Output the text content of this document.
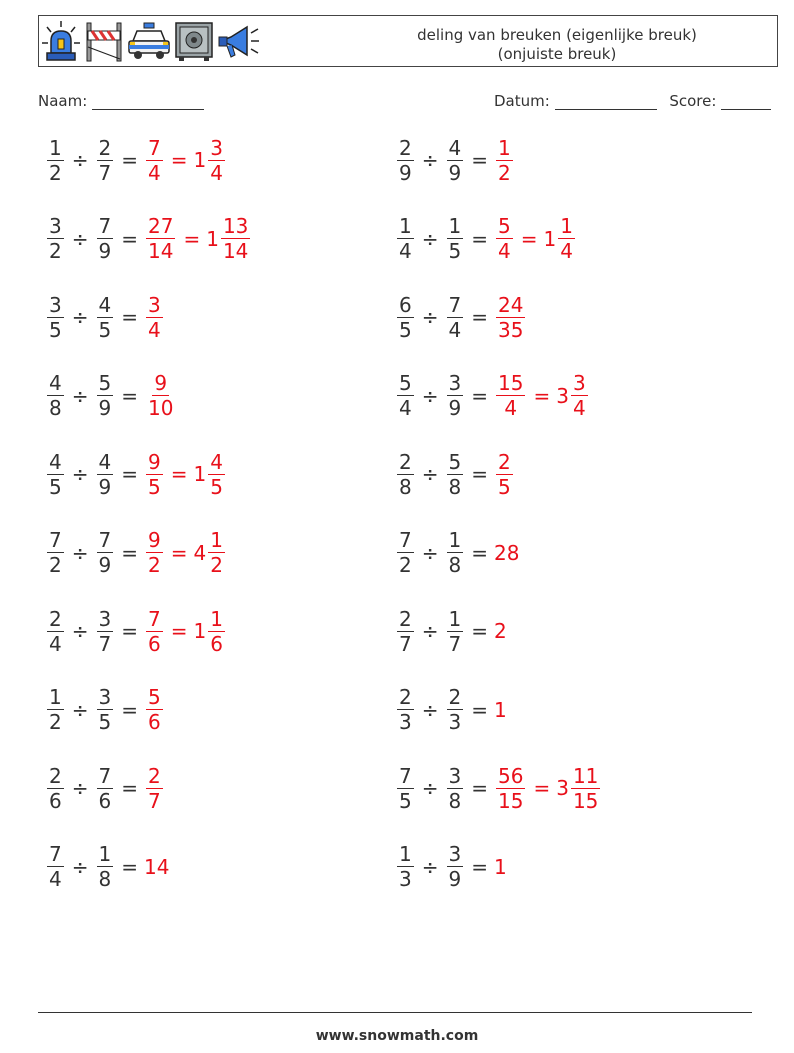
deling van breuken (eigenlijke breuk)
(onjuiste breuk)
Naam:	Datum:	Score:
$\frac{1}{2} \div \frac{2}{7} = \frac{7}{4} = 1 \frac{3}{4}$	$\frac{2}{9} \div \frac{4}{9} = \frac{1}{2}$
$\frac{3}{2} \div \frac{7}{9} = \frac{27}{14} = 1 \frac{13}{14}$	$\frac{1}{4} \div \frac{1}{5} = \frac{5}{4} = 1 \frac{1}{4}$
$\frac{3}{5} \div \frac{4}{5} = \frac{3}{4}$	$\frac{6}{5} \div \frac{7}{4} = \frac{24}{35}$
$\frac{4}{8} \div \frac{5}{9} = \frac{9}{10}$	$\frac{5}{4} \div \frac{3}{9} = \frac{15}{4} = 3 \frac{3}{4}$
$\frac{4}{5} \div \frac{4}{9} = \frac{9}{5} = 1 \frac{4}{5}$	$\frac{2}{8} \div \frac{5}{8} = \frac{2}{5}$
$\frac{7}{2} \div \frac{7}{9} = \frac{9}{2} = 4 \frac{1}{2}$	$\frac{7}{2} \div \frac{1}{8} = 28$
$\frac{2}{4} \div \frac{3}{7} = \frac{7}{6} = 1 \frac{1}{6}$	$\frac{2}{7} \div \frac{1}{7} = 2$
$\frac{1}{2} \div \frac{3}{5} = \frac{5}{6}$	$\frac{2}{3} \div \frac{2}{3} = 1$
$\frac{2}{6} \div \frac{7}{6} = \frac{2}{7}$	$\frac{7}{5} \div \frac{3}{8} = \frac{56}{15} = 3 \frac{11}{15}$
$\frac{7}{4} \div \frac{1}{8} = 14$	$\frac{1}{3} \div \frac{3}{9} = 1$
www.snowmath.com
